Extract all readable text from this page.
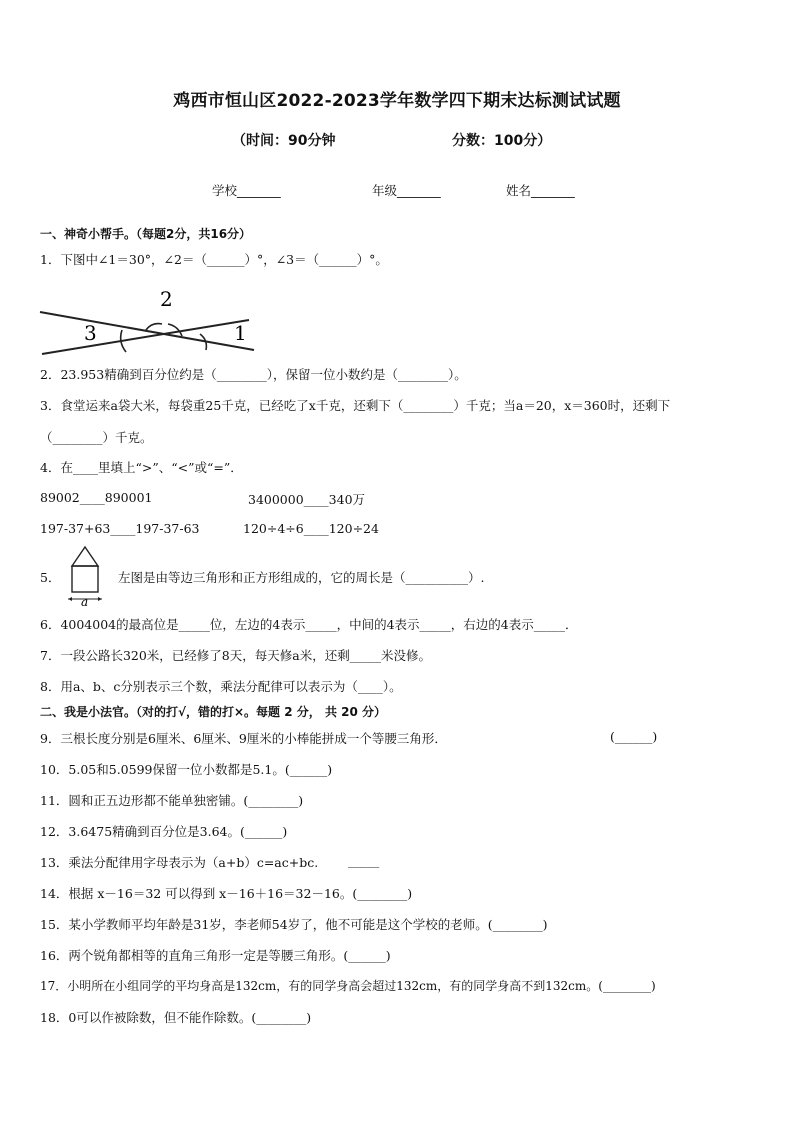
鸡西市恒山区2022-2023学年数学四下期末达标测试试题
（时间：90分钟	分数：100分）
学校_______	年级_______	姓名_______
一、神奇小帮手。（每题2分，共16分）
1．下图中∠1＝30°，∠2＝（______）°，∠3＝（______）°。
2
3	1
2．23.953精确到百分位约是（________），保留一位小数约是（________）。
3．食堂运来a袋大米，每袋重25千克，已经吃了x千克，还剩下（________）千克；当a＝20，x＝360时，还剩下
（________）千克。
4．在____里填上“>”、“<”或“=”．
89002____890001	3400000____340万
197-37+63____197-37-63	120÷4÷6____120÷24
5．
a
左图是由等边三角形和正方形组成的，它的周长是（__________）.
6．4004004的最高位是_____位，左边的4表示_____，中间的4表示_____，右边的4表示_____．
7．一段公路长320米，已经修了8天，每天修a米，还剩_____米没修。
8．用a、b、c分别表示三个数，乘法分配律可以表示为（____）。
二、我是小法官。（对的打√，错的打×。每题 2 分， 共 20 分）
9．三根长度分别是6厘米、6厘米、9厘米的小棒能拼成一个等腰三角形．	(______)
10．5.05和5.0599保留一位小数都是5.1。(______)
11．圆和正五边形都不能单独密铺。(________)
12．3.6475精确到百分位是3.64。(______)
13．乘法分配律用字母表示为（a+b）c=ac+bc. _____
14．根据 x－16＝32 可以得到 x－16＋16＝32－16。(________)
15．某小学教师平均年龄是31岁，李老师54岁了，他不可能是这个学校的老师。(________)
16．两个锐角都相等的直角三角形一定是等腰三角形。(______)
17．小明所在小组同学的平均身高是132cm，有的同学身高会超过132cm，有的同学身高不到132cm。(________)
18．0可以作被除数，但不能作除数。(________)
